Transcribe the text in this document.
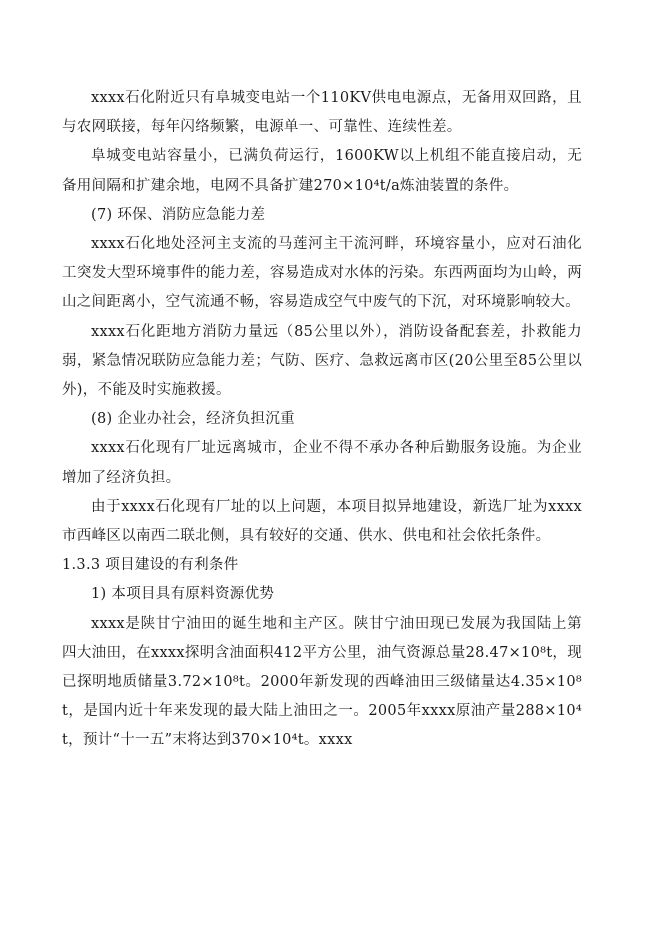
xxxx石化附近只有阜城变电站一个110KV供电电源点，无备用双回路，且与农网联接，每年闪络频繁，电源单一、可靠性、连续性差。

阜城变电站容量小，已满负荷运行，1600KW以上机组不能直接启动，无备用间隔和扩建余地，电网不具备扩建270×10⁴t/a炼油装置的条件。

(7) 环保、消防应急能力差

xxxx石化地处泾河主支流的马莲河主干流河畔，环境容量小，应对石油化工突发大型环境事件的能力差，容易造成对水体的污染。东西两面均为山岭，两山之间距离小，空气流通不畅，容易造成空气中废气的下沉，对环境影响较大。

xxxx石化距地方消防力量远（85公里以外），消防设备配套差，扑救能力弱，紧急情况联防应急能力差；气防、医疗、急救远离市区(20公里至85公里以外)，不能及时实施救援。

(8) 企业办社会，经济负担沉重

xxxx石化现有厂址远离城市，企业不得不承办各种后勤服务设施。为企业增加了经济负担。

由于xxxx石化现有厂址的以上问题，本项目拟异地建设，新选厂址为xxxx市西峰区以南西二联北侧，具有较好的交通、供水、供电和社会依托条件。

1.3.3 项目建设的有利条件

1) 本项目具有原料资源优势

xxxx是陕甘宁油田的诞生地和主产区。陕甘宁油田现已发展为我国陆上第四大油田，在xxxx探明含油面积412平方公里，油气资源总量28.47×10⁸t，现已探明地质储量3.72×10⁸t。2000年新发现的西峰油田三级储量达4.35×10⁸t，是国内近十年来发现的最大陆上油田之一。2005年xxxx原油产量288×10⁴t，预计“十一五”末将达到370×10⁴t。xxxx
